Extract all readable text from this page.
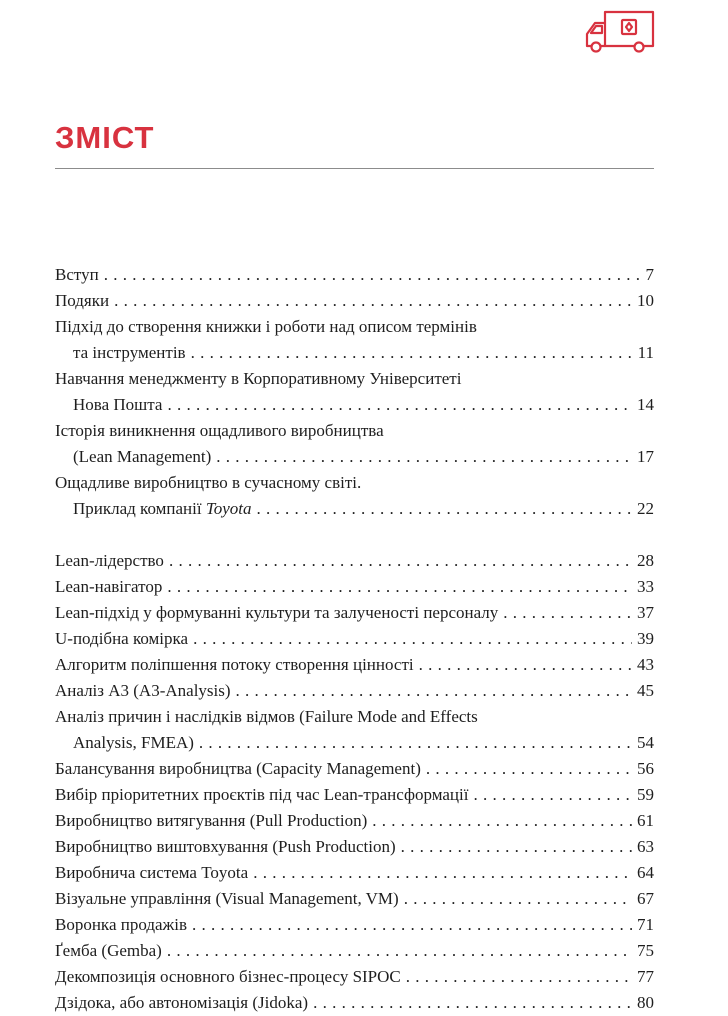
ЗМІСТ
Вступ . . .	7
Подяки . . .	10
Підхід до створення книжки і роботи над описом термінів
та інструментів . . .	11
Навчання менеджменту в Корпоративному Університеті
Нова Пошта . . .	14
Історія виникнення ощадливого виробництва
(Lean Management) . . .	17
Ощадливе виробництво в сучасному світі.
Приклад компанії
Toyota . . .	22
Lean-лідерство . . .	28
Lean-навігатор . . .	33
Lean-підхід у формуванні культури та залученості персоналу . . .	37
U-подібна комірка . . .	39
Алгоритм поліпшення потоку створення цінності . . .	43
Аналіз А3 (A3-Analysis) . . .	45
Аналіз причин і наслідків відмов (Failure Mode and Effects
Analysis, FMEA) . . .	54
Балансування виробництва (Capacity Management) . . .	56
Вибір пріоритетних проєктів під час Lean-трансформації . . .	59
Виробництво витягування (Pull Production) . . .	61
Виробництво виштовхування (Push Production) . . .	63
Виробнича система Toyota . . .	64
Візуальне управління (Visual Management, VM) . . .	67
Воронка продажів . . .	71
Ґемба (Gemba) . . .	75
Декомпозиція основного бізнес-процесу SIPOC . . .	77
Дзідока, або автономізація (Jidoka) . . .	80
